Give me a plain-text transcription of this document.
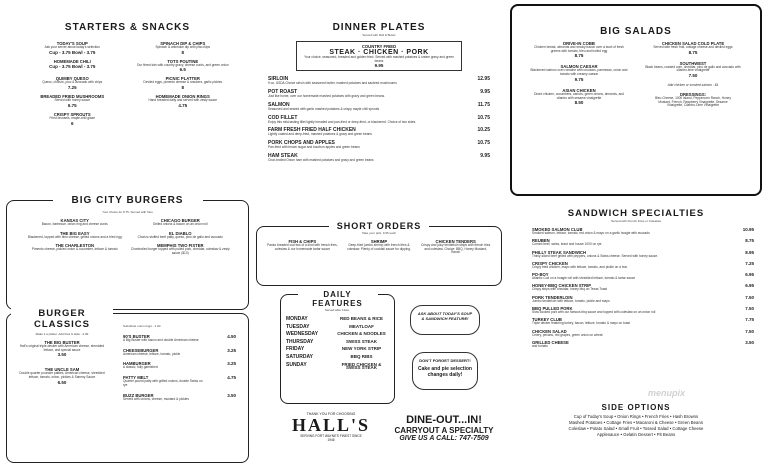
STARTERS & SNACKS
TODAY'S SOUP
Ask your server about today's selection
Cup - 3.75 Bowl - 3.75
SPINACH DIP & CHIPS
Spinach & artichoke dip with pita chips
8
HOMEMADE CHILI
Cup - 3.75 Bowl - 3.75
TOTS POUTINE
Our finest tots with country gravy, cheese curds, and green onion
6.5
QUIMBY QUESO
Queso, chorizo, pico & avocado with chips
7.25
PICNIC PLATTER
Deviled eggs, pimento cheese & crackers, garlic pickles
8
BREADED FRIED MUSHROOMS
Served with honey sauce
6.75
HOMEMADE ONION RINGS
Hand breaded daily and served with zesty sauce
4.75
CRISPY SPROUTS
Fried brussels, maple-chili glaze
6
BIG CITY BURGERS
Your choice for 8.75. Served with fries
KANSAS CITY
Bacon, barbecue, onion ring and cheese curds
CHICAGO BURGER
Grilled onions & bacon on an onion roll
THE BIG EASY
Blackened, topped with bleu cheese, grilled onions and a fried egg
EL DIABLO
Chorizo stuffed beef patty, queso, pico de gallo and avocado
THE CHARLESTON
Pimento cheese, pickled onion & cucumber, lettuce & tomato
MEMPHIS TWO FISTER
Charbroiled burger topped with pulled pork, cheddar, coleslaw & zesty sauce ($10)
BURGER CLASSICS
Make it a platter. Add fries & slaw - 2.99
THE BIG BUSTER
Hall's original triple-decker with American cheese, shredded lettuce, and special sauce
3.50
THE UNCLE SAM
Double quarter pounder patties, American cheese, shredded lettuce, tomato, onion, pickles & Sammy Sauce
6.50
Substitute onion rings - 1.00
90'S BUSTER	4.50
A Big Buster with bacon and double American cheese
CHEESEBURGER	3.25
American cheese, lettuce, tomato, pickle
HAMBURGER	3.25
A classic, fully garnished
PATTY MELT	4.75
Quarter pound patty with grilled onions, double Swiss on rye
BUZZ BURGER	3.50
Served with onions, cheese, mustard & pickles
DINNER PLATES
Served with Roll & Butter
COUNTRY FRIED
STEAK · CHICKEN · PORK
Your choice, seasoned, breaded and golden fried. Served with mashed potatoes & cream gravy and green beans
9.95
SIRLOIN	12.95
9 oz. USDA Choice sirloin with seasoned butter, mashed potatoes and sauteed mushrooms
POT ROAST	9.95
Just like home, over our homemade mashed potatoes with gravy and green beans.
SALMON	11.75
Seasoned and seared with garlic mashed potatoes & crispy maple chili sprouts
COD FILLET	10.75
Enjoy this mild-tasting fillet lightly breaded and pan-fried or deep-fried, or blackened. Choice of two sides.
FARM FRESH FRIED HALF CHICKEN	10.25
Lightly coated and deep-fried, mashed potatoes & gravy and green beans
PORK CHOPS AND APPLES	10.75
Pan-fried with brown sugar and bourbon apples and green beans
HAM STEAK	9.95
Char-broiled Onion ham with mashed potatoes and gravy and green beans
SHORT ORDERS
Take your pick, 9.95 each
FISH & CHIPS
Panko breaded cod two of a kind with french fries, coleslaw & our homemade tartar sauce
SHRIMP
Deep-fried jumbo shrimp with french fries & coleslaw. Plenty of cocktail sauce for dipping.
CHICKEN TENDERS
Crispy and juicy tenderloin strips with french fries and coleslaw. Choice: BBQ, Honey Mustard, Ranch
DAILY FEATURES
Served after 11am.
MONDAY	RED BEANS & RICE
TUESDAY	MEATLOAF
WEDNESDAY	CHICKEN & NOODLES
THURSDAY	SWISS STEAK
FRIDAY	NEW YORK STRIP
SATURDAY	BBQ RIBS
SUNDAY	FRIED CHICKEN & SWISS STEAK
ASK ABOUT TODAY'S SOUP & SANDWICH FEATURE!
DON'T FORGET DESSERT!
Cake and pie selection changes daily!
THANK YOU FOR CHOOSING
HALL'S
SERVING FORT WAYNE'S FINEST SINCE 1946
DINE-OUT...IN!
CARRYOUT A SPECIALTY
GIVE US A CALL: 747-7509
BIG SALADS
DRIVE-IN COBB
Chicken breast, almonds and smoky bacon over a bowl of fresh greens with tomato, bleu and boiled egg
8.75
SALMON CAESAR
Blackened salmon over romaine with croutons, parmesan, onion and tomato with creamy caesar
9.75
ASIAN CHICKEN
Diced chicken, cucumbers, carrots, green onions, almonds, and cilantro with sesame vinaigrette
8.50
CHICKEN SALAD COLD PLATE
Served with fresh fruit, cottage cheese and deviled eggs
8.75
SOUTHWEST
Black beans, roasted corn, cheddar, pico de gallo and avocado with cilantro-lime vinaigrette
7.50
Add chicken or smoked salmon - $4
DRESSINGS:
Bleu Cheese, 1000 Island, Peppercorn Ranch, Honey Mustard, French, Raspberry Vinaigrette, Sesame Vinaigrette, Cilantro-Lime Vinaigrette
SANDWICH SPECIALTIES
Served with French Fries or Coleslaw
SMOKED SALMON CLUB	10.95
Smoked salmon, lettuce, tomato, red onion & mayo on a garlic hoagie with avocado
REUBEN	8.75
Corned beef, swiss, kraut and house 1000 on rye.
PHILLY STEAK SANDWICH	8.95
Thinly-sliced beef grilled with peppers, onions & Swiss cheese. Served with honey sauce.
CRISPY CHICKEN	7.25
Crispy fried chicken, mayo with lettuce, tomato, and pickle on a bun.
PO-BOY	6.95
Atlantic Cod on a hoagie roll with shredded lettuce, tomato & tartar sauce
HONEY-BBQ CHICKEN STRIP	6.95
Crispy strips with cheddar, honey bbq on Texas Toast
PORK TENDERLOIN	7.50
Jumbo tenderloin with lettuce, tomato, pickle and mayo
BBQ PULLED PORK	7.50
Slow cooked pork with our famous bbq sauce and topped with coleslaw on an onion roll
TURKEY CLUB	7.75
Triple decker featuring turkey, bacon, lettuce, tomato & mayo on toast
CHICKEN SALAD	7.50
Celery, pecans, red grapes, green onion on wheat
GRILLED CHEESE	3.50
and tomato
SIDE OPTIONS
Cup of Today's Soup • Onion Rings • French Fries • Hash Browns
Mashed Potatoes • Cottage Fries • Macaroni & Cheese • Green Beans
Coleslaw • Potato Salad • Small Fruit • Tossed Salad • Cottage Cheese
Applesauce • Gelatin Dessert • Pit Beans
menupix
